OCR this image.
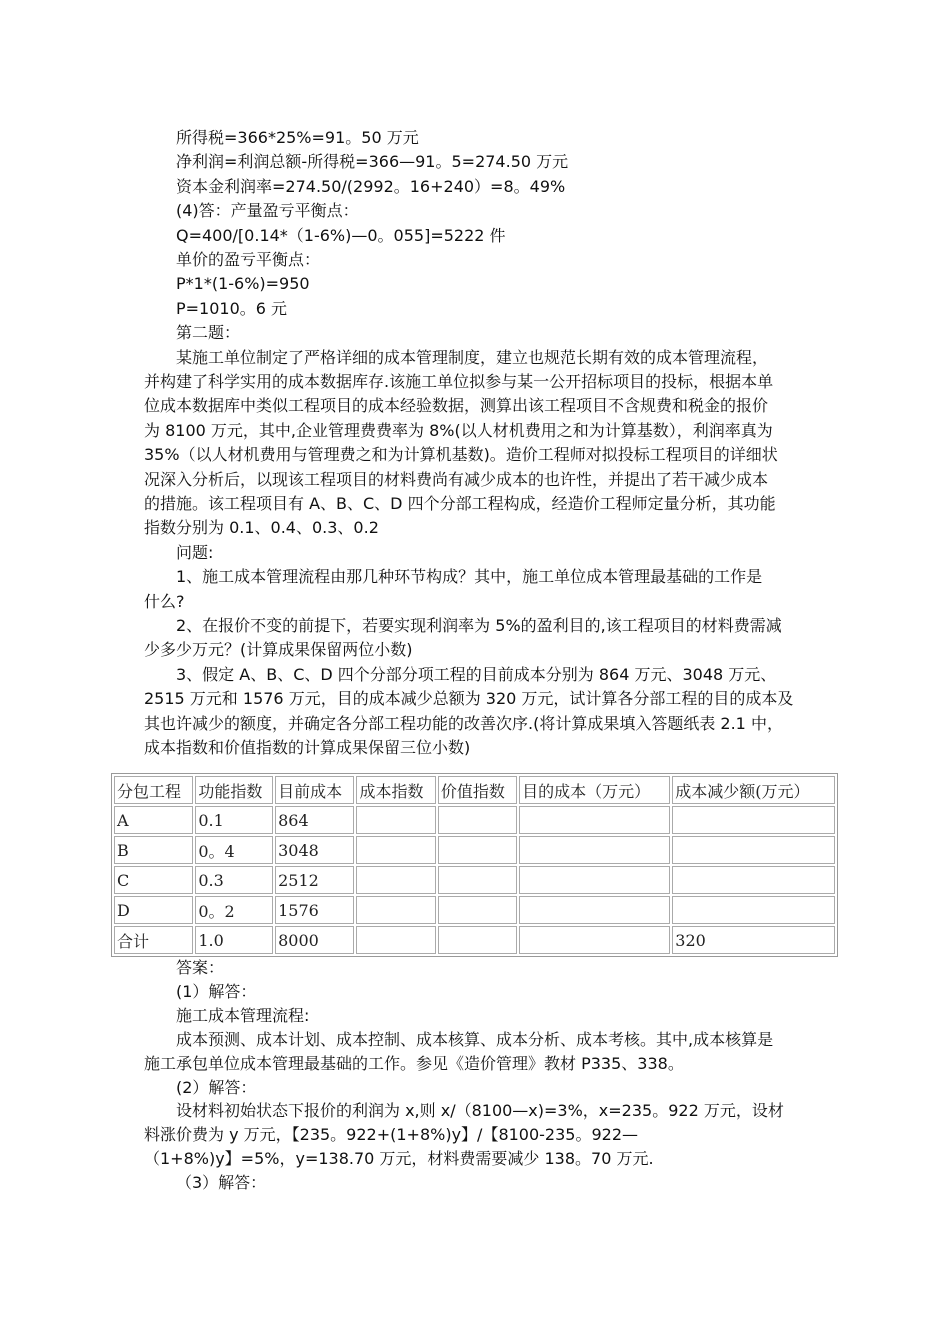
所得税=366*25%=91。50 万元
净利润=利润总额-所得税=366—91。5=274.50 万元
资本金利润率=274.50/(2992。16+240）=8。49%
(4)答：产量盈亏平衡点：
Q=400/[0.14*（1-6%)—0。055]=5222 件
单价的盈亏平衡点：
P*1*(1-6%)=950
P=1010。6 元
第二题：
某施工单位制定了严格详细的成本管理制度，建立也规范长期有效的成本管理流程，
并构建了科学实用的成本数据库存.该施工单位拟参与某一公开招标项目的投标，根据本单
位成本数据库中类似工程项目的成本经验数据，测算出该工程项目不含规费和税金的报价
为 8100 万元，其中,企业管理费费率为 8%(以人材机费用之和为计算基数），利润率真为
35%（以人材机费用与管理费之和为计算机基数)。造价工程师对拟投标工程项目的详细状
况深入分析后，以现该工程项目的材料费尚有减少成本的也许性，并提出了若干减少成本
的措施。该工程项目有 A、B、C、D 四个分部工程构成，经造价工程师定量分析，其功能
指数分别为 0.1、0.4、0.3、0.2
问题:
1、施工成本管理流程由那几种环节构成？其中，施工单位成本管理最基础的工作是
什么?
2、在报价不变的前提下，若要实现利润率为 5%的盈利目的,该工程项目的材料费需减
少多少万元？(计算成果保留两位小数)
3、假定 A、B、C、D 四个分部分项工程的目前成本分别为 864 万元、3048 万元、
2515 万元和 1576 万元，目的成本减少总额为 320 万元，试计算各分部工程的目的成本及
其也许减少的额度，并确定各分部工程功能的改善次序.(将计算成果填入答题纸表 2.1 中，
成本指数和价值指数的计算成果保留三位小数)
分包工程	功能指数	目前成本	成本指数	价值指数	目的成本（万元）	成本减少额(万元）
A	0.1	864				
B	0。4	3048				
C	0.3	2512				
D	0。2	1576				
合计	1.0	8000				320
答案：
(1）解答：
施工成本管理流程:
成本预测、成本计划、成本控制、成本核算、成本分析、成本考核。其中,成本核算是
施工承包单位成本管理最基础的工作。参见《造价管理》教材 P335、338。
(2）解答：
设材料初始状态下报价的利润为 x,则 x/（8100—x)=3%，x=235。922 万元，设材
料涨价费为 y 万元，【235。922+(1+8%)y】/【8100-235。922—
（1+8%)y】=5%，y=138.70 万元，材料费需要减少 138。70 万元.
（3）解答：
